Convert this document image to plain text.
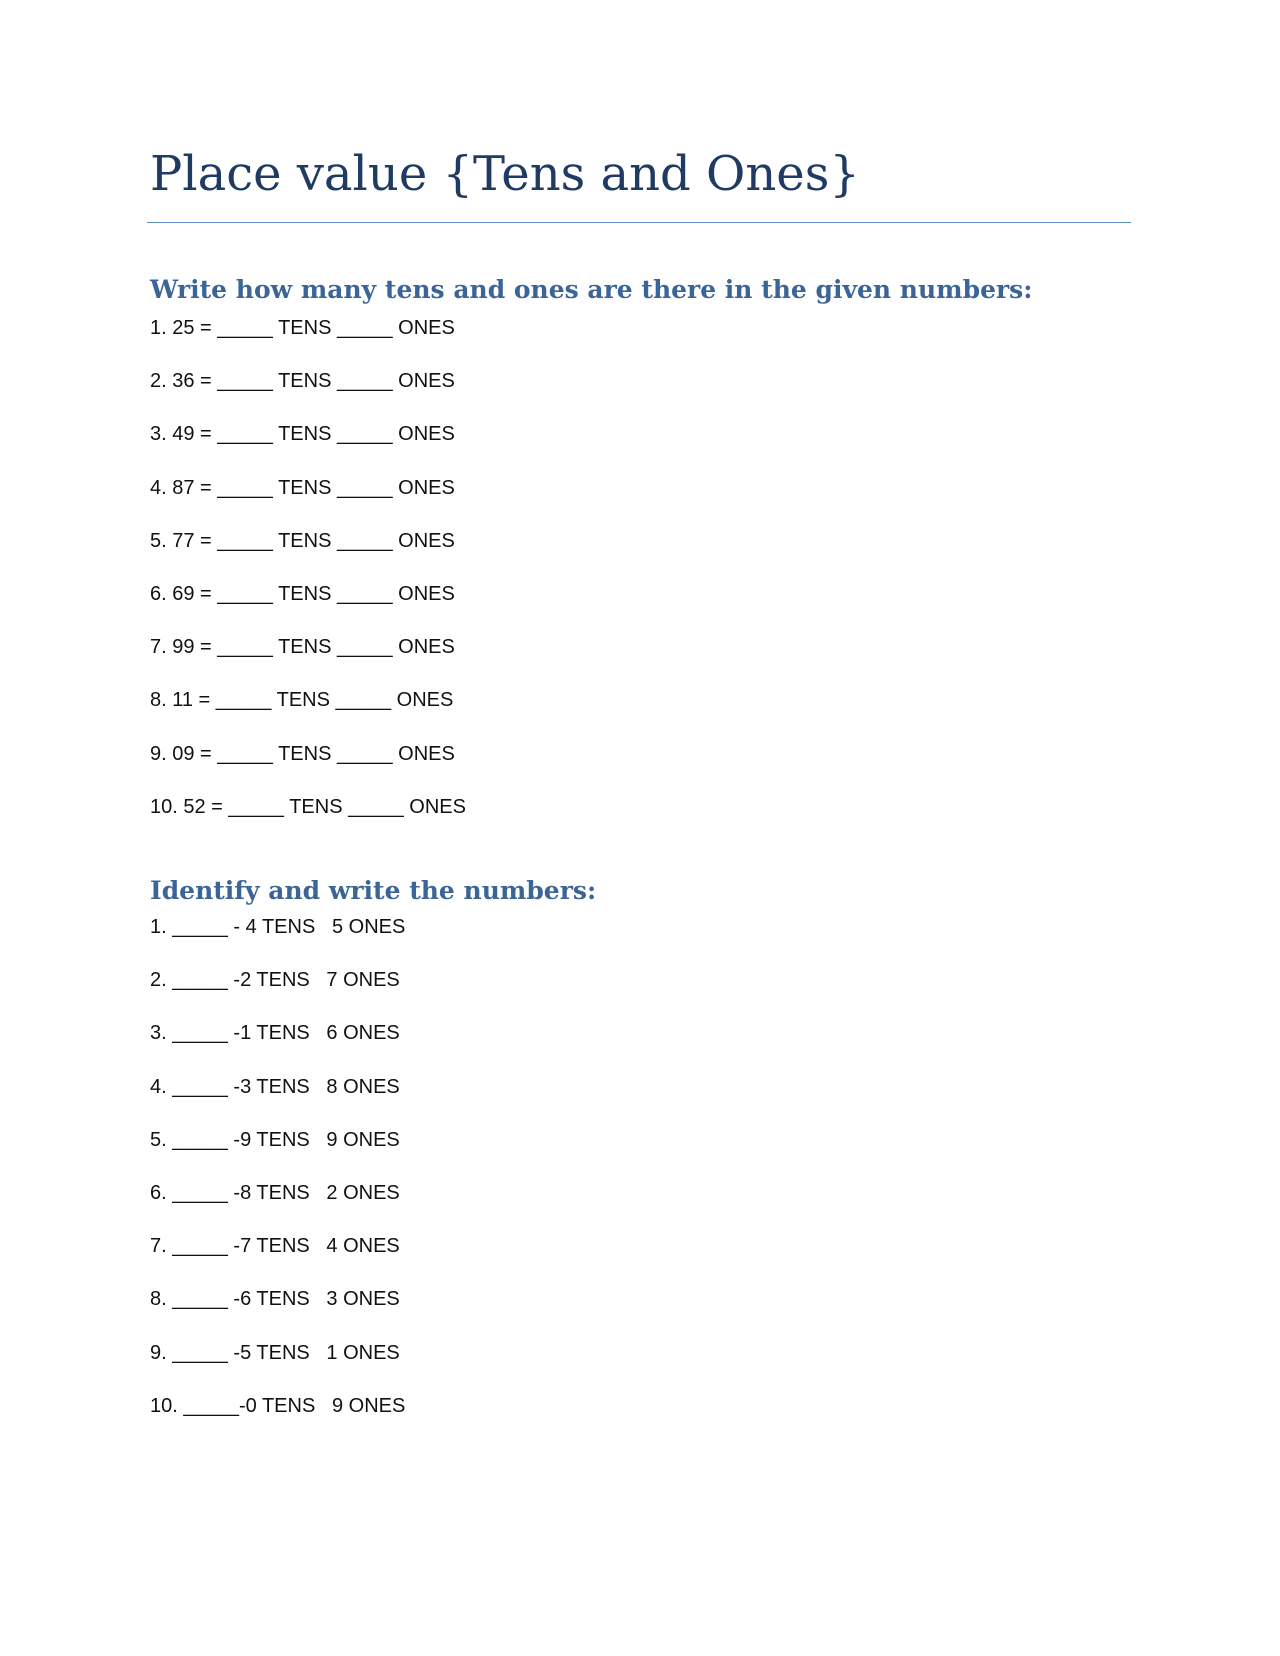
Place value {Tens and Ones}
Write how many tens and ones are there in the given numbers:
1. 25 = _____ TENS _____ ONES
2. 36 = _____ TENS _____ ONES
3. 49 = _____ TENS _____ ONES
4. 87 = _____ TENS _____ ONES
5. 77 = _____ TENS _____ ONES
6. 69 = _____ TENS _____ ONES
7. 99 = _____ TENS _____ ONES
8. 11 = _____ TENS _____ ONES
9. 09 = _____ TENS _____ ONES
10. 52 = _____ TENS _____ ONES
Identify and write the numbers:
1. _____ - 4 TENS   5 ONES
2. _____ -2 TENS   7 ONES
3. _____ -1 TENS   6 ONES
4. _____ -3 TENS   8 ONES
5. _____ -9 TENS   9 ONES
6. _____ -8 TENS   2 ONES
7. _____ -7 TENS   4 ONES
8. _____ -6 TENS   3 ONES
9. _____ -5 TENS   1 ONES
10. _____-0 TENS   9 ONES
